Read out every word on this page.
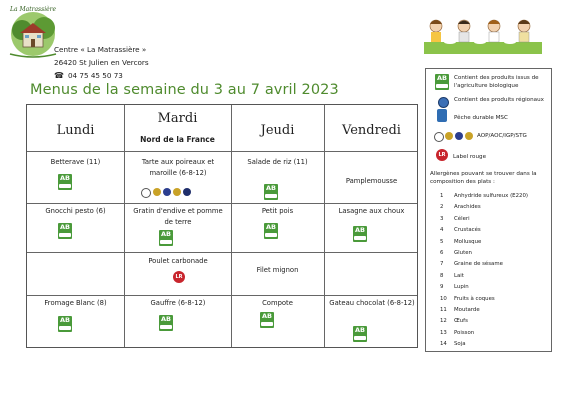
La Matrassière
Centre « La Matrassière »
26420 St Julien en Vercors
☎ 04 75 45 50 73
Menus de la semaine du 3 au 7 avril 2023
Lundi
Mardi
Nord de la France
Jeudi	Vendredi
Betterave (11)
AB
Tarte aux poireaux et maroille (6-8-12)
Salade de riz (11)
AB
Pamplemousse
Gnocchi pesto (6)
AB
Gratin d'endive et pomme de terre
AB
Petit pois
AB
Lasagne aux choux
AB
Poulet carbonade
LR
Filet mignon
Fromage Blanc (8)
AB
Gauffre (6-8-12)
AB
Compote
AB
Gateau chocolat (6-8-12)
AB
AB Contient des produits issus de l'agriculture biologique
Contient des produits régionaux
Pêche durable MSC
AOP/AOC/IGP/STG
LR Label rouge
Allergènes pouvant se trouver dans la composition des plats :
1 Anhydride sulfureux (E220)
2 Arachides
3 Céleri
4 Crustacés
5 Mollusque
6 Gluten
7 Graine de sésame
8 Lait
9 Lupin
10 Fruits à coques
11 Moutarde
12 Œufs
13 Poisson
14 Soja
